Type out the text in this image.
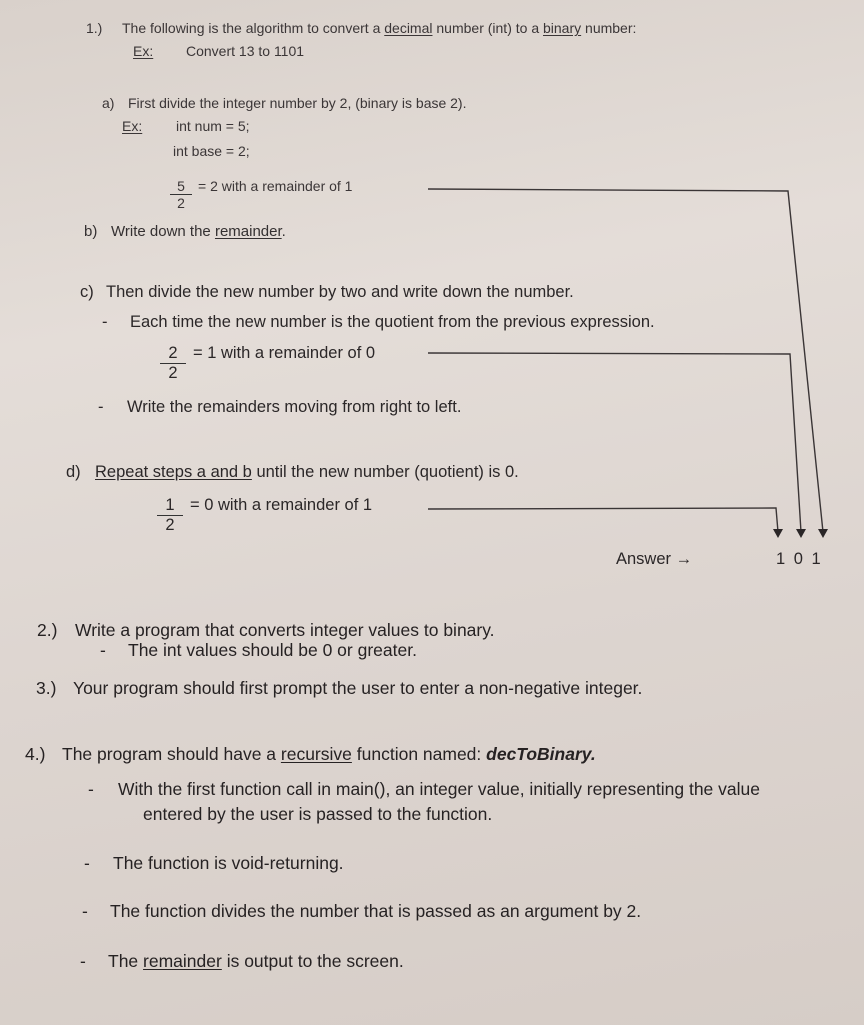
1.) The following is the algorithm to convert a decimal number (int) to a binary number:
Ex: Convert 13 to 1101
a) First divide the integer number by 2, (binary is base 2).
Ex: int num = 5;
int base = 2;
$\frac{5}{2} = 2$ with a remainder of 1
b) Write down the remainder.
c) Then divide the new number by two and write down the number.
- Each time the new number is the quotient from the previous expression.
$\frac{2}{2} = 1$ with a remainder of 0
- Write the remainders moving from right to left.
d) Repeat steps a and b until the new number (quotient) is 0.
$\frac{1}{2} = 0$ with a remainder of 1
Answer →	1 0 1
2.) Write a program that converts integer values to binary.
- The int values should be 0 or greater.
3.) Your program should first prompt the user to enter a non-negative integer.
4.) The program should have a recursive function named: decToBinary.
- With the first function call in main(), an integer value, initially representing the value
entered by the user is passed to the function.
- The function is void-returning.
- The function divides the number that is passed as an argument by 2.
- The remainder is output to the screen.
